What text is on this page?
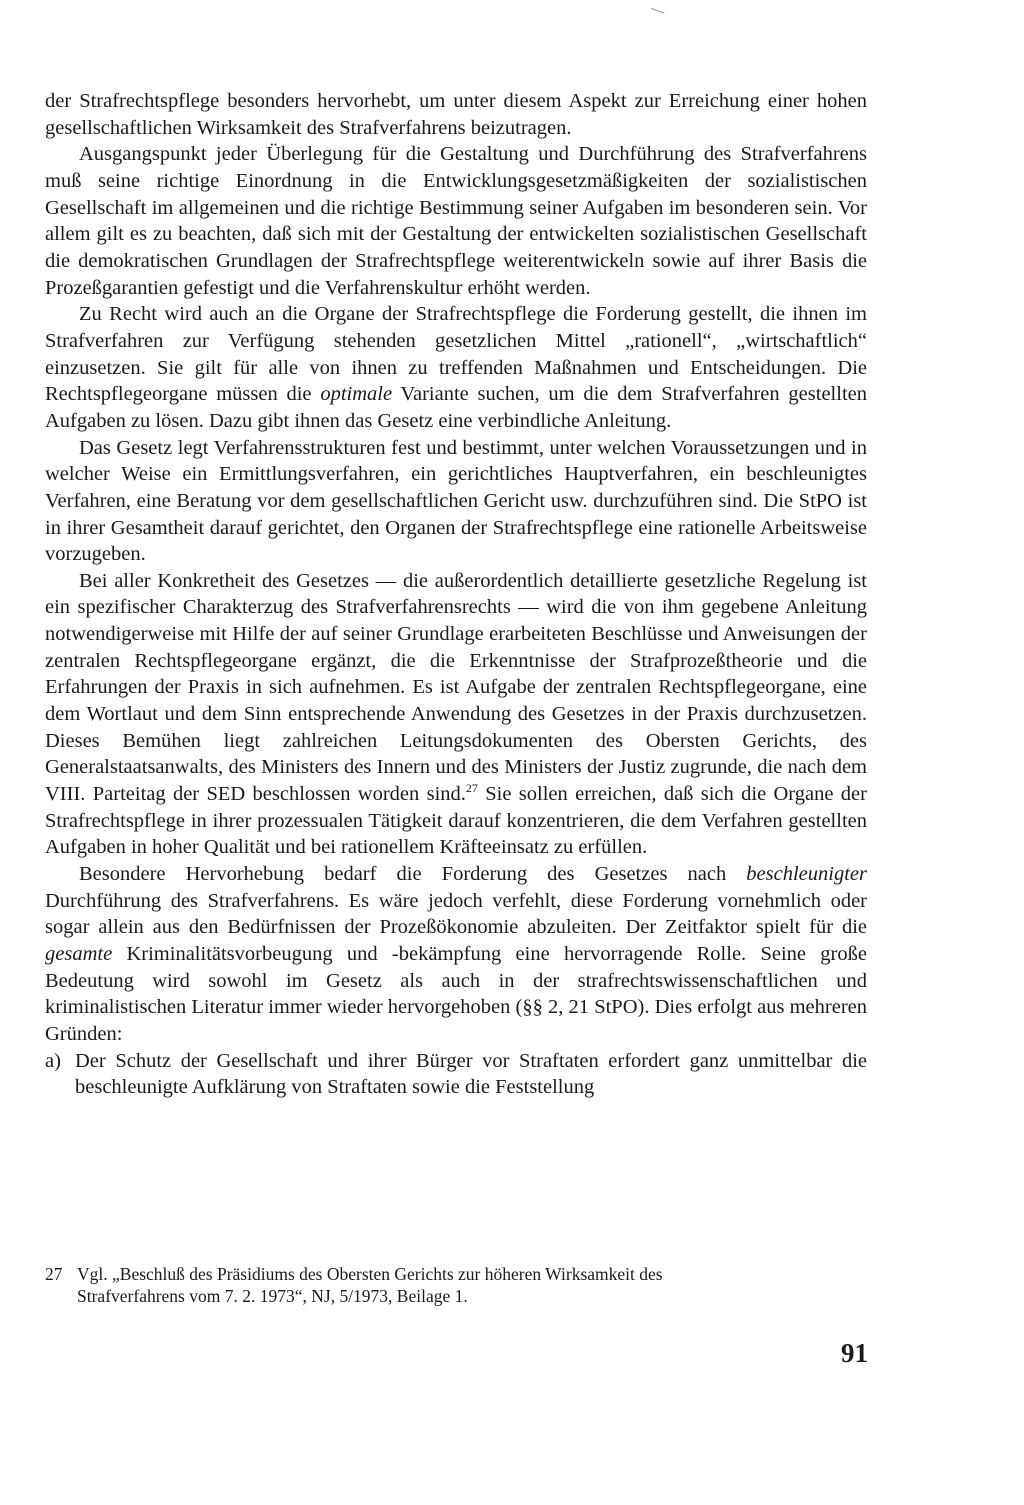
der Strafrechtspflege besonders hervorhebt, um unter diesem Aspekt zur Erreichung einer hohen gesellschaftlichen Wirksamkeit des Strafverfahrens beizutragen.

Ausgangspunkt jeder Überlegung für die Gestaltung und Durchführung des Strafverfahrens muß seine richtige Einordnung in die Entwicklungsgesetzmäßigkeiten der sozialistischen Gesellschaft im allgemeinen und die richtige Bestimmung seiner Aufgaben im besonderen sein. Vor allem gilt es zu beachten, daß sich mit der Gestaltung der entwickelten sozialistischen Gesellschaft die demokratischen Grundlagen der Strafrechtspflege weiterentwickeln sowie auf ihrer Basis die Prozeßgarantien gefestigt und die Verfahrenskultur erhöht werden.

Zu Recht wird auch an die Organe der Strafrechtspflege die Forderung gestellt, die ihnen im Strafverfahren zur Verfügung stehenden gesetzlichen Mittel „rationell“, „wirtschaftlich“ einzusetzen. Sie gilt für alle von ihnen zu treffenden Maßnahmen und Entscheidungen. Die Rechtspflegeorgane müssen die optimale Variante suchen, um die dem Strafverfahren gestellten Aufgaben zu lösen. Dazu gibt ihnen das Gesetz eine verbindliche Anleitung.

Das Gesetz legt Verfahrensstrukturen fest und bestimmt, unter welchen Voraussetzungen und in welcher Weise ein Ermittlungsverfahren, ein gerichtliches Hauptverfahren, ein beschleunigtes Verfahren, eine Beratung vor dem gesellschaftlichen Gericht usw. durchzuführen sind. Die StPO ist in ihrer Gesamtheit darauf gerichtet, den Organen der Strafrechtspflege eine rationelle Arbeitsweise vorzugeben.

Bei aller Konkretheit des Gesetzes — die außerordentlich detaillierte gesetzliche Regelung ist ein spezifischer Charakterzug des Strafverfahrensrechts — wird die von ihm gegebene Anleitung notwendigerweise mit Hilfe der auf seiner Grundlage erarbeiteten Beschlüsse und Anweisungen der zentralen Rechtspflegeorgane ergänzt, die die Erkenntnisse der Strafprozeßtheorie und die Erfahrungen der Praxis in sich aufnehmen. Es ist Aufgabe der zentralen Rechtspflegeorgane, eine dem Wortlaut und dem Sinn entsprechende Anwendung des Gesetzes in der Praxis durchzusetzen. Dieses Bemühen liegt zahlreichen Leitungsdokumenten des Obersten Gerichts, des Generalstaatsanwalts, des Ministers des Innern und des Ministers der Justiz zugrunde, die nach dem VIII. Parteitag der SED beschlossen worden sind.$^{27}$ Sie sollen erreichen, daß sich die Organe der Strafrechtspflege in ihrer prozessualen Tätigkeit darauf konzentrieren, die dem Verfahren gestellten Aufgaben in hoher Qualität und bei rationellem Kräfteeinsatz zu erfüllen.

Besondere Hervorhebung bedarf die Forderung des Gesetzes nach beschleunigter Durchführung des Strafverfahrens. Es wäre jedoch verfehlt, diese Forderung vornehmlich oder sogar allein aus den Bedürfnissen der Prozeßökonomie abzuleiten. Der Zeitfaktor spielt für die gesamte Kriminalitätsvorbeugung und -bekämpfung eine hervorragende Rolle. Seine große Bedeutung wird sowohl im Gesetz als auch in der strafrechtswissenschaftlichen und kriminalistischen Literatur immer wieder hervorgehoben (§§ 2, 21 StPO). Dies erfolgt aus mehreren Gründen:

a) Der Schutz der Gesellschaft und ihrer Bürger vor Straftaten erfordert ganz unmittelbar die beschleunigte Aufklärung von Straftaten sowie die Feststellung

27 Vgl. „Beschluß des Präsidiums des Obersten Gerichts zur höheren Wirksamkeit des
Strafverfahrens vom 7. 2. 1973“, NJ, 5/1973, Beilage 1.
91
